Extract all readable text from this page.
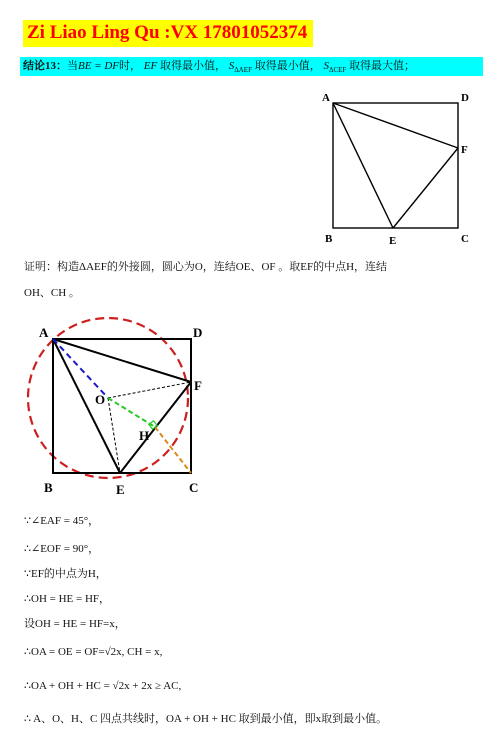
Zi Liao Ling Qu :VX 17801052374
结论13：当BE = DF时， EF 取得最小值， $S_{\Delta AEF}$ 取得最小值， $S_{\Delta CEF}$ 取得最大值；
A	D
F
B	E	C
证明：构造ΔAEF的外接圆，圆心为O，连结OE、OF 。取EF的中点H，连结
OH、CH 。
A	D
O
F
H
B	E	C
∵∠EAF = 45°，
∴∠EOF = 90°，
∵EF的中点为H，
∴OH = HE = HF，
设OH = HE = HF=x，
∴OA = OE = OF=√2x, CH = x,
∴OA + OH + HC = √2x + 2x ≥ AC,
∴ A、O、H、C 四点共线时，OA + OH + HC 取到最小值，即x取到最小值。
